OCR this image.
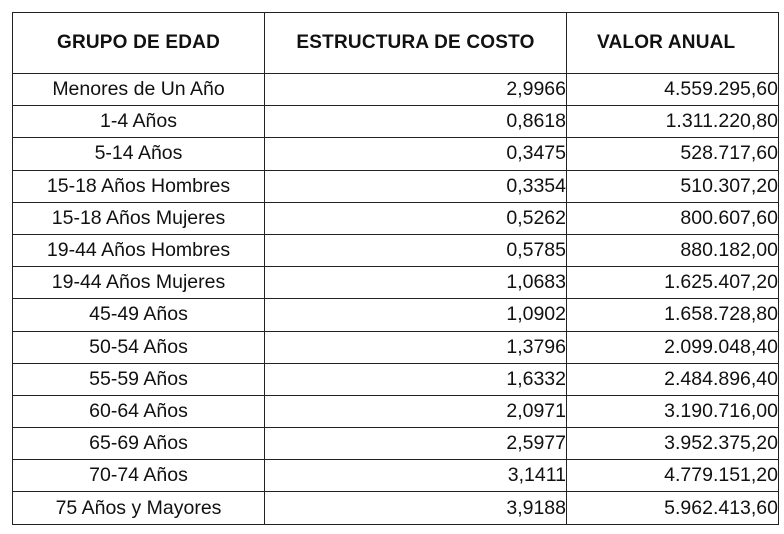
GRUPO DE EDAD	ESTRUCTURA DE COSTO	VALOR ANUAL
Menores de Un Año	2,9966	4.559.295,60
1-4 Años	0,8618	1.311.220,80
5-14 Años	0,3475	528.717,60
15-18 Años Hombres	0,3354	510.307,20
15-18 Años Mujeres	0,5262	800.607,60
19-44 Años Hombres	0,5785	880.182,00
19-44 Años Mujeres	1,0683	1.625.407,20
45-49 Años	1,0902	1.658.728,80
50-54 Años	1,3796	2.099.048,40
55-59 Años	1,6332	2.484.896,40
60-64 Años	2,0971	3.190.716,00
65-69 Años	2,5977	3.952.375,20
70-74 Años	3,1411	4.779.151,20
75 Años y Mayores	3,9188	5.962.413,60
